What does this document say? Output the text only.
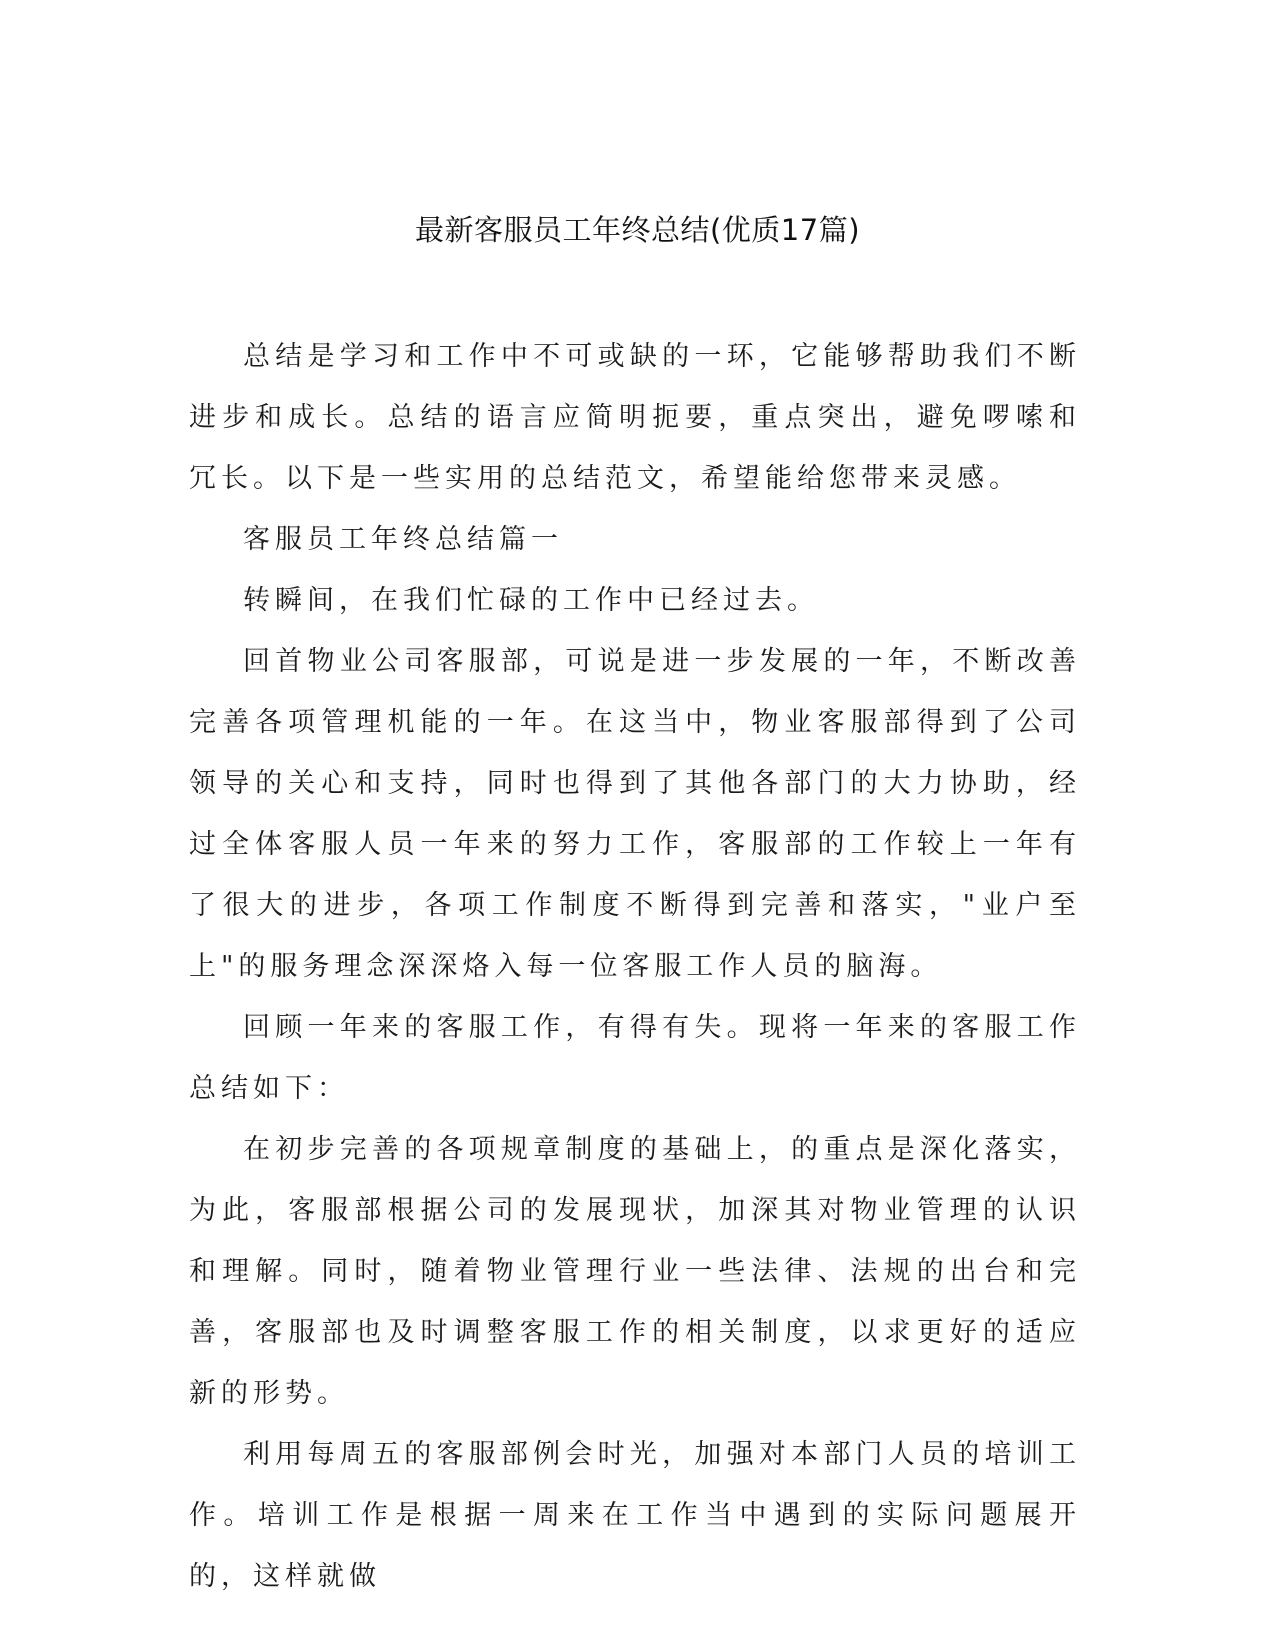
最新客服员工年终总结(优质17篇)

总结是学习和工作中不可或缺的一环，它能够帮助我们不断进步和成长。总结的语言应简明扼要，重点突出，避免啰嗦和冗长。以下是一些实用的总结范文，希望能给您带来灵感。

客服员工年终总结篇一

转瞬间，在我们忙碌的工作中已经过去。

回首物业公司客服部，可说是进一步发展的一年，不断改善完善各项管理机能的一年。在这当中，物业客服部得到了公司领导的关心和支持，同时也得到了其他各部门的大力协助，经过全体客服人员一年来的努力工作，客服部的工作较上一年有了很大的进步，各项工作制度不断得到完善和落实，"业户至上"的服务理念深深烙入每一位客服工作人员的脑海。

回顾一年来的客服工作，有得有失。现将一年来的客服工作总结如下：

在初步完善的各项规章制度的基础上，的重点是深化落实，为此，客服部根据公司的发展现状，加深其对物业管理的认识和理解。同时，随着物业管理行业一些法律、法规的出台和完善，客服部也及时调整客服工作的相关制度，以求更好的适应新的形势。

利用每周五的客服部例会时光，加强对本部门人员的培训工作。培训工作是根据一周来在工作当中遇到的实际问题展开的，这样就做
